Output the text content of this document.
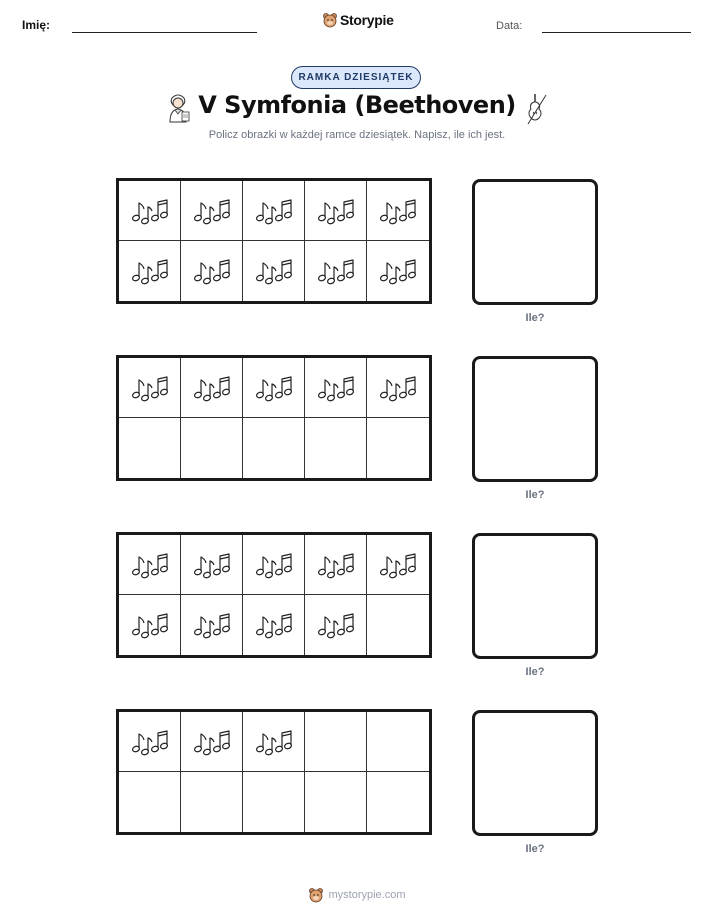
Imię:	Storypie	Data:
RAMKA DZIESIĄTEK
V Symfonia (Beethoven)
Policz obrazki w każdej ramce dziesiątek. Napisz, ile ich jest.
Ile?
Ile?
Ile?
Ile?
mystorypie.com
